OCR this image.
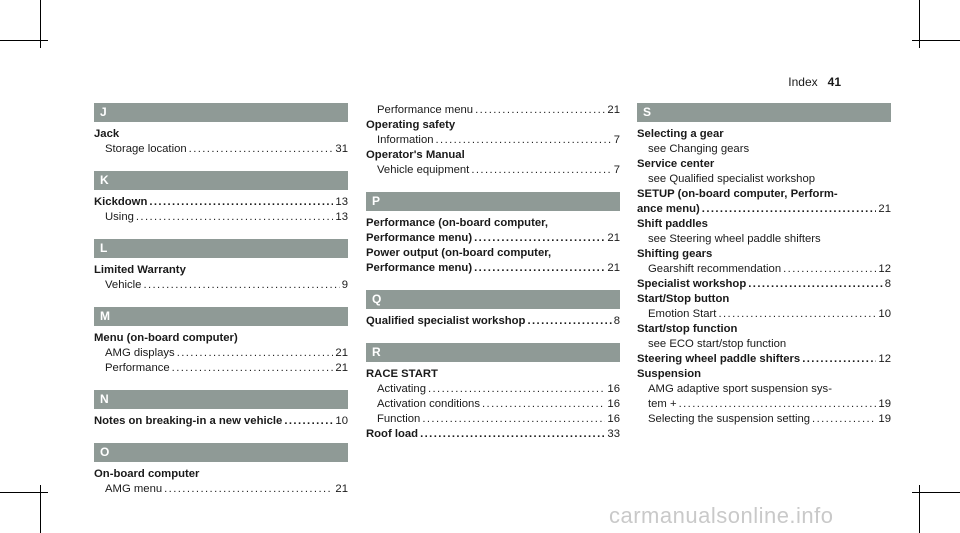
Index 41
J
Jack
Storage location .....	31
K
Kickdown .....	13
Using .....	13
L
Limited Warranty
Vehicle .....	9
M
Menu (on-board computer)
AMG displays .....	21
Performance .....	21
N
Notes on breaking-in a new vehicle .....	10
O
On-board computer
AMG menu .....	21
Performance menu .....	21
Operating safety
Information .....	7
Operator's Manual
Vehicle equipment .....	7
P
Performance (on-board computer,
Performance menu) .....	21
Power output (on-board computer,
Performance menu) .....	21
Q
Qualified specialist workshop .....	8
R
RACE START
Activating .....	16
Activation conditions .....	16
Function .....	16
Roof load .....	33
S
Selecting a gear
see Changing gears
Service center
see Qualified specialist workshop
SETUP (on-board computer, Perform-
ance menu) .....	21
Shift paddles
see Steering wheel paddle shifters
Shifting gears
Gearshift recommendation .....	12
Specialist workshop .....	8
Start/Stop button
Emotion Start .....	10
Start/stop function
see ECO start/stop function
Steering wheel paddle shifters .....	12
Suspension
AMG adaptive sport suspension sys-
tem + .....	19
Selecting the suspension setting .....	19
carmanualsonline.info
